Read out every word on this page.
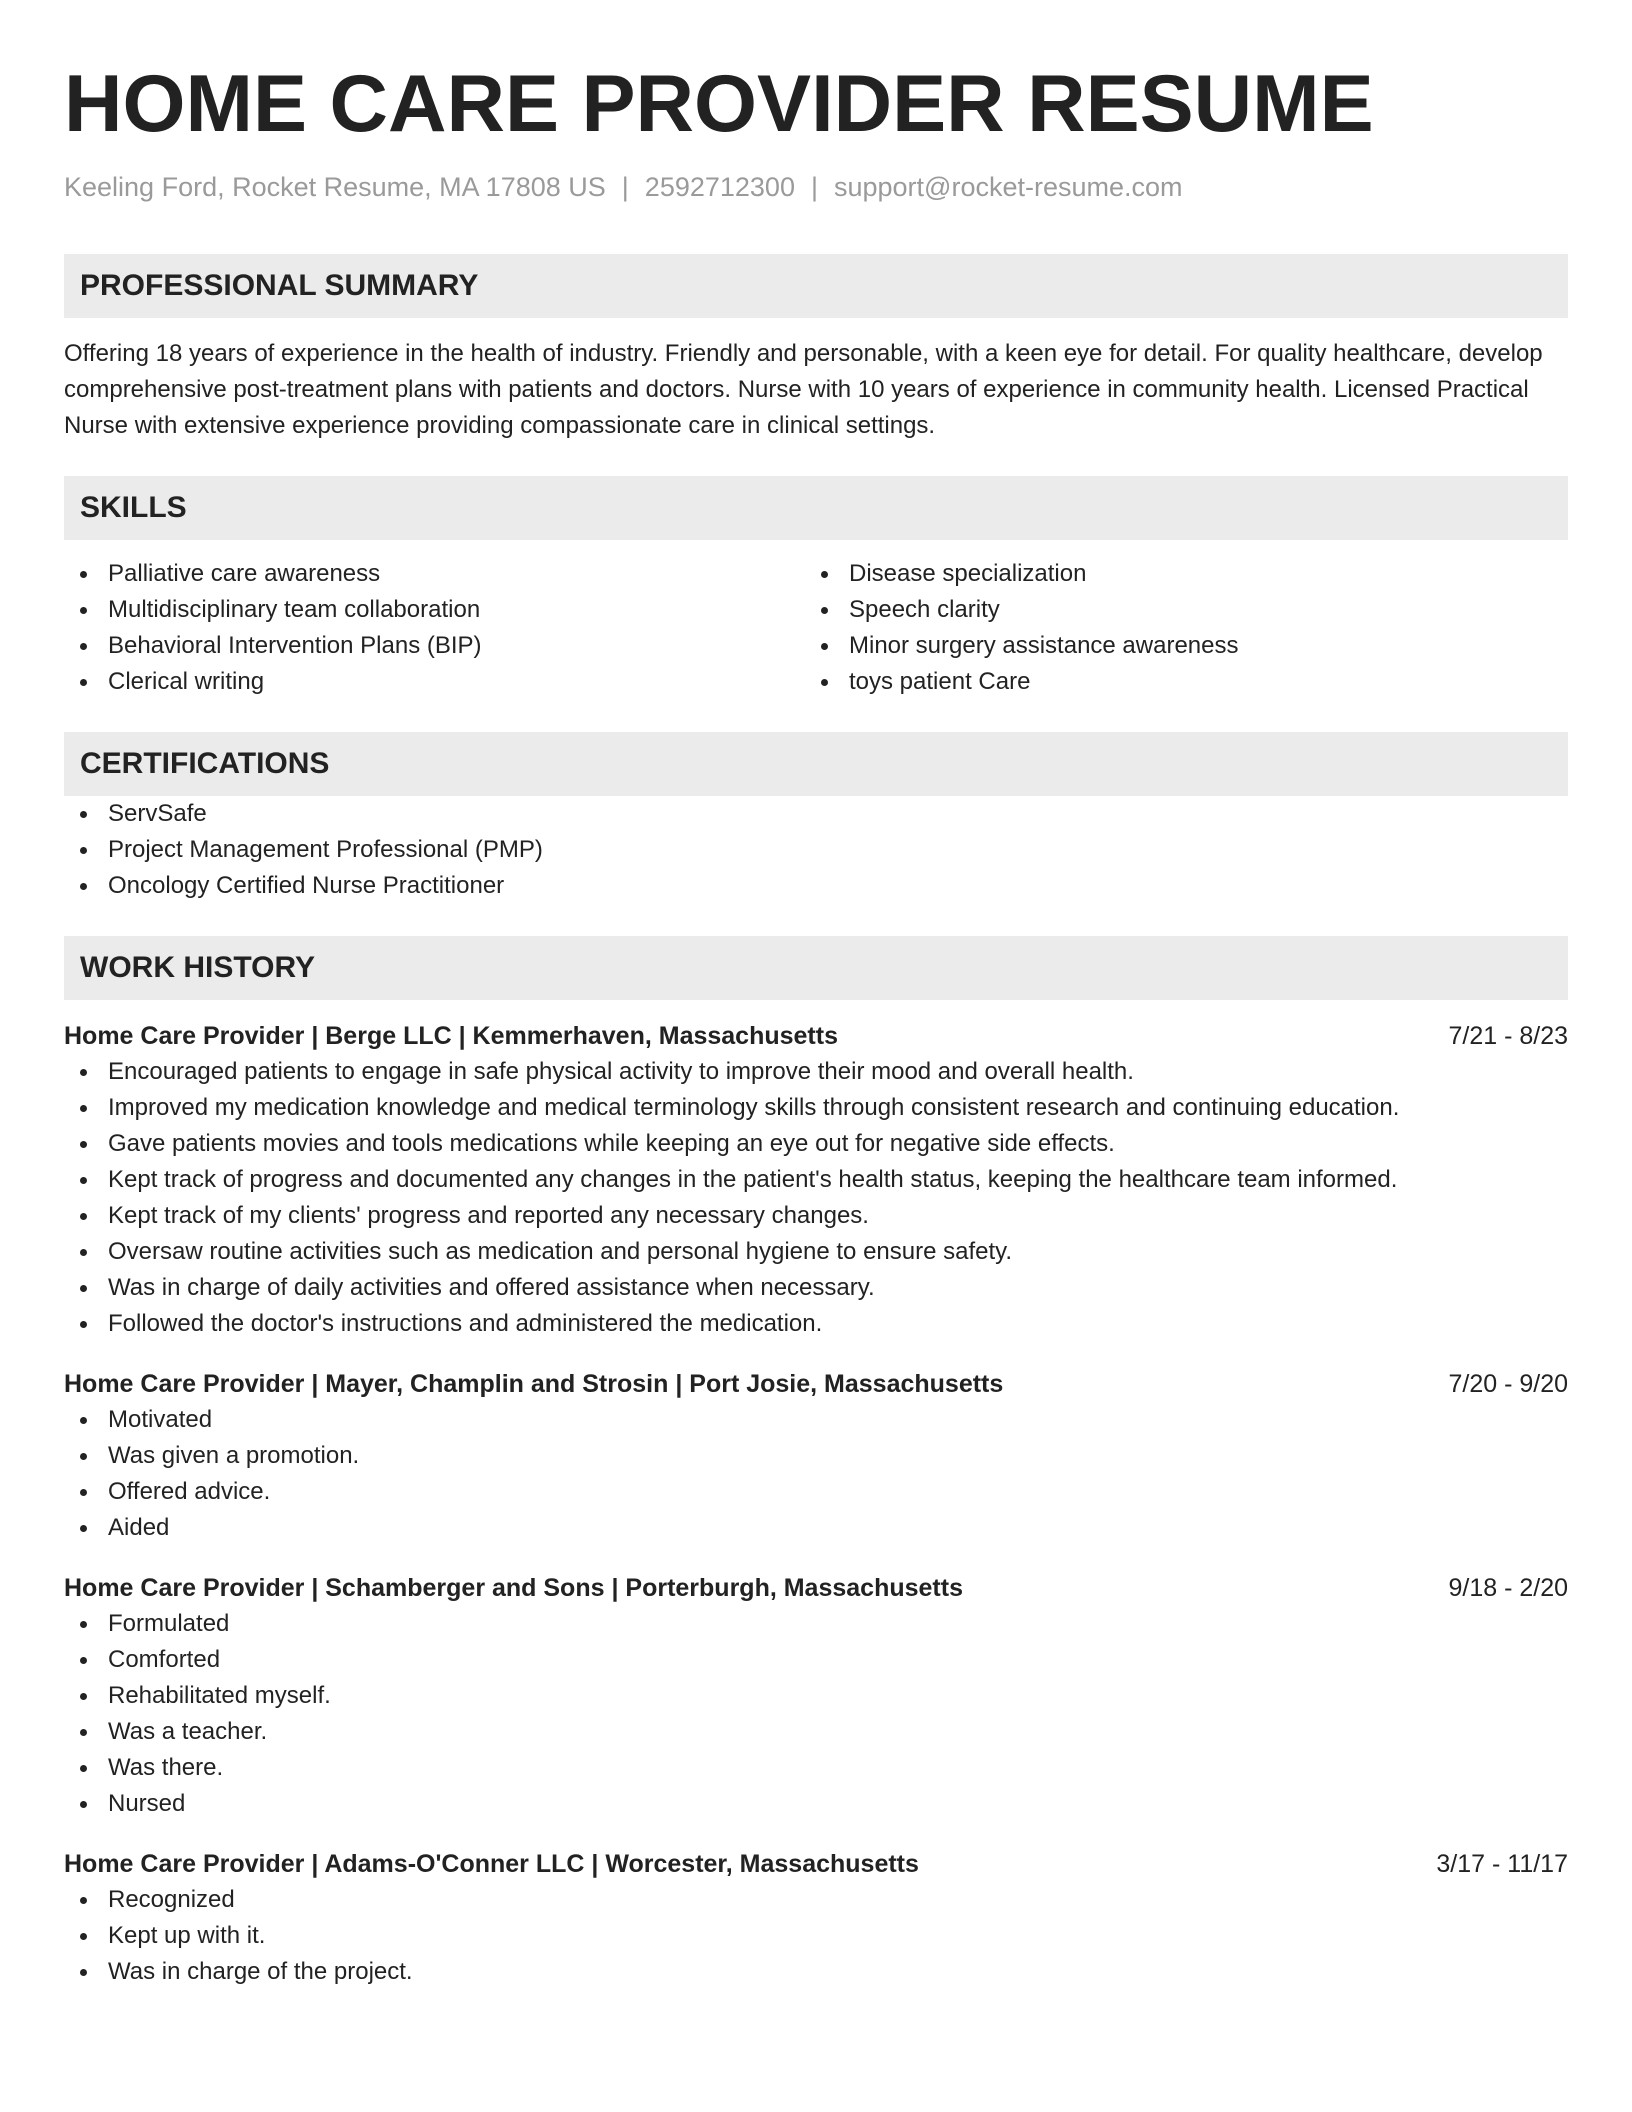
HOME CARE PROVIDER RESUME
Keeling Ford, Rocket Resume, MA 17808 US | 2592712300 | support@rocket-resume.com
PROFESSIONAL SUMMARY

Offering 18 years of experience in the health of industry. Friendly and personable, with a keen eye for detail. For quality healthcare, develop comprehensive post-treatment plans with patients and doctors. Nurse with 10 years of experience in community health. Licensed Practical Nurse with extensive experience providing compassionate care in clinical settings.

SKILLS
Palliative care awareness
Multidisciplinary team collaboration
Behavioral Intervention Plans (BIP)
Clerical writing
Disease specialization
Speech clarity
Minor surgery assistance awareness
toys patient Care
CERTIFICATIONS
ServSafe
Project Management Professional (PMP)
Oncology Certified Nurse Practitioner
WORK HISTORY
Home Care Provider | Berge LLC | Kemmerhaven, Massachusetts	7/21 - 8/23
Encouraged patients to engage in safe physical activity to improve their mood and overall health.
Improved my medication knowledge and medical terminology skills through consistent research and continuing education.
Gave patients movies and tools medications while keeping an eye out for negative side effects.
Kept track of progress and documented any changes in the patient's health status, keeping the healthcare team informed.
Kept track of my clients' progress and reported any necessary changes.
Oversaw routine activities such as medication and personal hygiene to ensure safety.
Was in charge of daily activities and offered assistance when necessary.
Followed the doctor's instructions and administered the medication.
Home Care Provider | Mayer, Champlin and Strosin | Port Josie, Massachusetts	7/20 - 9/20
Motivated
Was given a promotion.
Offered advice.
Aided
Home Care Provider | Schamberger and Sons | Porterburgh, Massachusetts	9/18 - 2/20
Formulated
Comforted
Rehabilitated myself.
Was a teacher.
Was there.
Nursed
Home Care Provider | Adams-O'Conner LLC | Worcester, Massachusetts	3/17 - 11/17
Recognized
Kept up with it.
Was in charge of the project.
